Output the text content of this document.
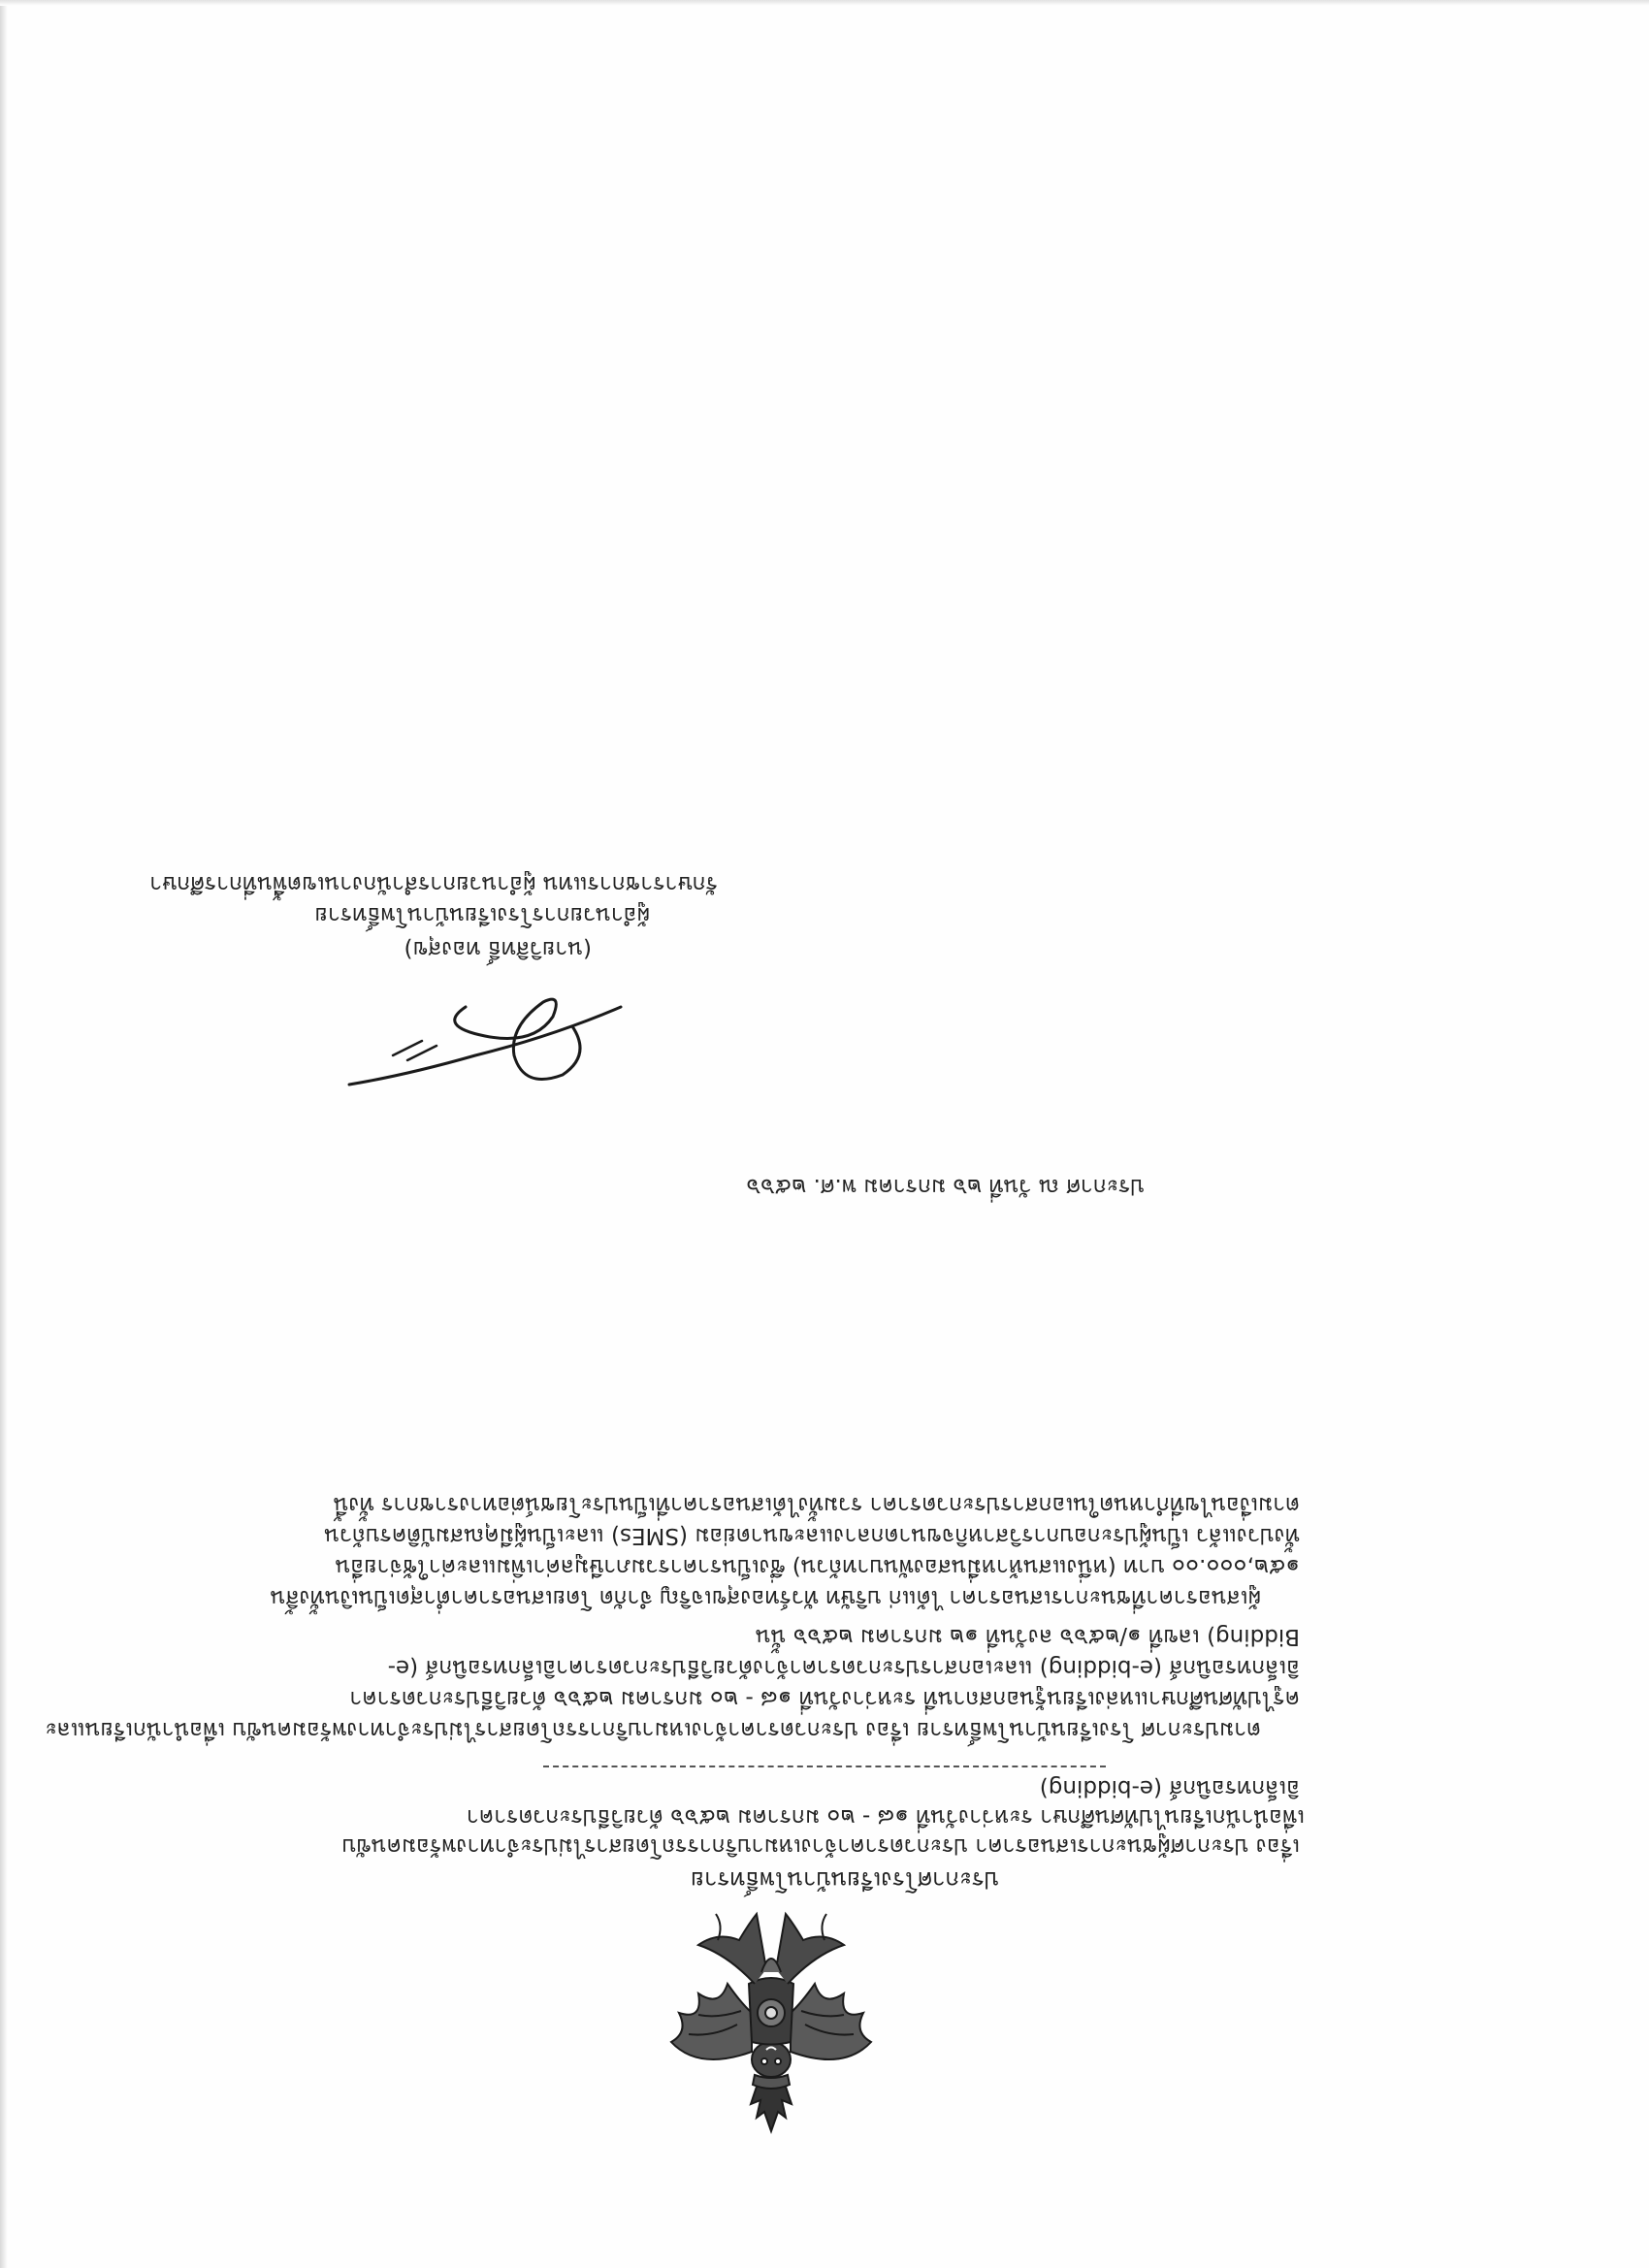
ประกาศโรงเรียนบ้านโพธิ์ทราย
เรื่อง ประกาศผู้ชนะการเสนอราคา ประกวดราคาจ้างเหมาบริการรถโดยสารไม่ประจำทางพร้อมคนขับ
เพื่อนำนักเรียนไปทัศนศึกษา ระหว่างวันที่ ๑๘ - ๒๐ มกราคม ๒๕๖๖ ด้วยวิธีประกวดราคา
อิเล็กทรอนิกส์ (e-bidding)
ตามประกาศ โรงเรียนบ้านโพธิ์ทราย เรื่อง ประกวดราคาจ้างเหมาบริการรถโดยสารไม่ประจำทางพร้อมคนขับ เพื่อนำนักเรียนและ
ครูไปทัศนศึกษาแหล่งเรียนรู้นอกสถานที่ ระหว่างวันที่ ๑๘ - ๒๐ มกราคม ๒๕๖๖ ด้วยวิธีประกวดราคา
อิเล็กทรอนิกส์ (e-bidding) และเอกสารประกวดราคาจ้างด้วยวิธีประกวดราคาอิเล็กทรอนิกส์ (e-
Bidding) เลขที่ ๑/๒๕๖๖ ลงวันที่ ๑๒ มกราคม ๒๕๖๖ นั้น
ผู้เสนอราคาที่ชนะการเสนอราคา ได้แก่ บริษัท ทัวร์ทองสุขเจริญ จำกัด โดยเสนอราคาต่ำสุดเป็นเงินทั้งสิ้น
๑๕๒,๐๐๐.๐๐ บาท (หนึ่งแสนห้าหมื่นสองพันบาทถ้วน) ซึ่งเป็นราคารวมภาษีมูลค่าเพิ่มและค่าใช้จ่ายอื่น
ทั้งปวงแล้ว เป็นผู้ประกอบการวิสาหกิจขนาดกลางและขนาดย่อม (SMEs) และเป็นผู้มีคุณสมบัติครบถ้วน
ตามเงื่อนไขที่กำหนดในเอกสารประกวดราคา รวมทั้งได้เสนอราคาที่เป็นประโยชน์ต่อทางราชการ ทั้งนี้
ประกาศ ณ วันที่ ๒๖ มกราคม พ.ศ. ๒๕๖๖
(นายวิสิทธิ์ ทองสุข)
ผู้อำนวยการโรงเรียนบ้านโพธิ์ทราย
รักษาราชการแทน ผู้อำนวยการสำนักงานเขตพื้นที่การศึกษา
